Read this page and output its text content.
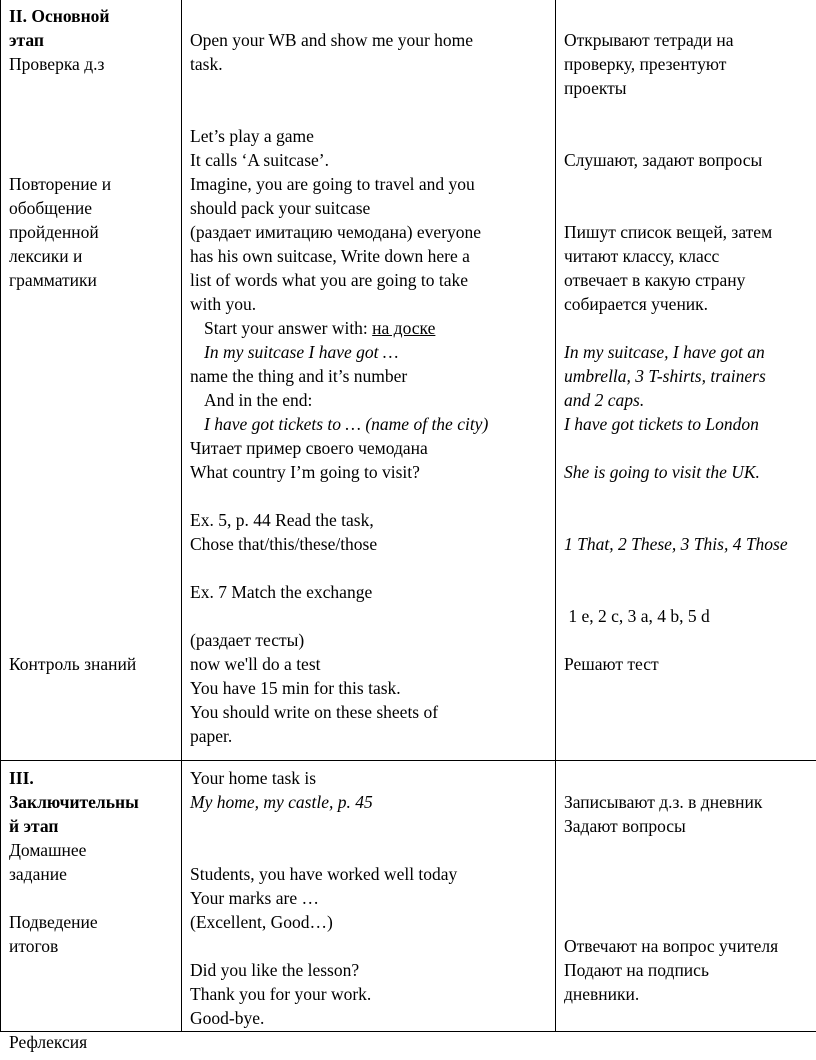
II. Основной
этап
Проверка д.з
Повторение и
обобщение
пройденной
лексики и
грамматики
Контроль знаний
Open your WB and show me your home
task.
Let’s play a game
It calls ‘A suitcase’.
Imagine, you are going to travel and you
should pack your suitcase
(раздает имитацию чемодана) everyone
has his own suitcase, Write down here a
list of words what you are going to take
with you.
Start your answer with: на доске
In my suitcase I have got …
name the thing and it’s number
And in the end:
I have got tickets to … (name of the city)
Читает пример своего чемодана
What country I’m going to visit?
Ex. 5, p. 44 Read the task,
Chose that/this/these/those
Ex. 7 Match the exchange
(раздает тесты)
now we'll do a test
You have 15 min for this task.
You should write on these sheets of
paper.
Открывают тетради на
проверку, презентуют
проекты
Слушают, задают вопросы
Пишут список вещей, затем
читают классу, класс
отвечает в какую страну
собирается ученик.
In my suitcase, I have got an
umbrella, 3 T-shirts, trainers
and 2 caps.
I have got tickets to London
She is going to visit the UK.
1 That, 2 These, 3 This, 4 Those
1 e, 2 c, 3 a, 4 b, 5 d
Решают тест
III.
Заключительны
й этап
Домашнее
задание
Подведение
итогов
Рефлексия
Your home task is
My home, my castle, p. 45
Students, you have worked well today
Your marks are …
(Excellent, Good…)
Did you like the lesson?
Thank you for your work.
Good-bye.
Записывают д.з. в дневник
Задают вопросы
Отвечают на вопрос учителя
Подают на подпись
дневники.
